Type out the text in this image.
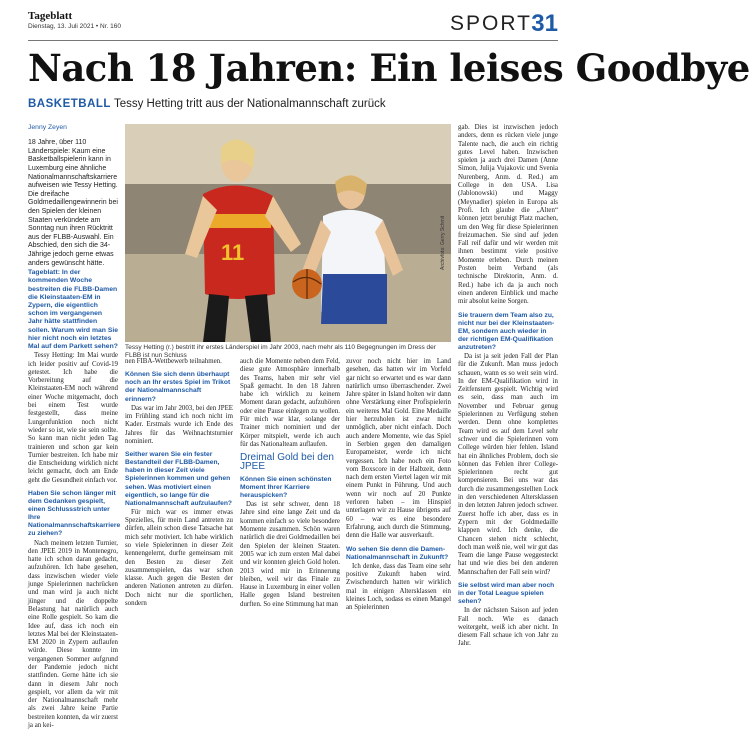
Tageblatt
Dienstag, 13. Juli 2021 • Nr. 160	SPORT 31
Nach 18 Jahren: Ein leises Goodbye
BASKETBALL Tessy Hetting tritt aus der Nationalmannschaft zurück
Jenny Zeyen

18 Jahre, über 110 Länderspiele: Kaum eine Basketballspielerin kann in Luxemburg eine ähnliche Nationalmannschaftskarriere aufweisen wie Tessy Hetting. Die dreifache Goldmedaillengewinnerin bei den Spielen der kleinen Staaten verkündete am Sonntag nun ihren Rücktritt aus der FLBB-Auswahl. Ein Abschied, den sich die 34-Jährige jedoch gerne etwas anders gewünscht hätte.

Tageblatt: In der kommenden Woche bestreiten die FLBB-Damen die Kleinstaaten-EM in Zypern, die eigentlich schon im vergangenen Jahr hätte stattfinden sollen. Warum wird man Sie hier nicht noch ein letztes Mal auf dem Parkett sehen?

Tessy Hetting: Im Mai wurde ich leider positiv auf Covid-19 getestet. Ich habe die Vorbereitung auf die Kleinstaaten-EM noch während einer Woche mitgemacht, doch bei einem Test wurde festgestellt, dass meine Lungenfunktion noch nicht wieder so ist, wie sie sein sollte. So kann man nicht jeden Tag trainieren und schon gar kein Turnier bestreiten. Ich habe mir die Entscheidung wirklich nicht leicht gemacht, doch am Ende geht die Gesundheit einfach vor.

Haben Sie schon länger mit dem Gedanken gespielt, einen Schlussstrich unter Ihre Nationalmannschaftskarriere zu ziehen?

Nach meinem letzten Turnier, den JPEE 2019 in Montenegro, hatte ich schon daran gedacht, aufzuhören. Ich habe gesehen, dass inzwischen wieder viele junge Spielerinnen nachrücken und man wird ja auch nicht jünger und die doppelte Belastung hat natürlich auch eine Rolle gespielt. So kam die Idee auf, dass ich noch ein letztes Mal bei der Kleinstaaten-EM 2020 in Zypern auflaufen würde. Diese konnte im vergangenen Sommer aufgrund der Pandemie jedoch nicht stattfinden. Gerne hätte ich sie dann in diesem Jahr noch gespielt, vor allem da wir mit der Nationalmannschaft mehr als zwei Jahre keine Partie bestreiten konnten, da wir zuerst ja an kei-

11	Archivfoto: Gerry Schmit
Tessy Hetting (r.) bestritt ihr erstes Länderspiel im Jahr 2003, nach mehr als 110 Begegnungen im Dress der FLBB ist nun Schluss

nen FIBA-Wettbewerb teilnahmen.

Können Sie sich denn überhaupt noch an Ihr erstes Spiel im Trikot der Nationalmannschaft erinnern?

Das war im Jahr 2003, bei den JPEE im Frühling stand ich noch nicht im Kader. Erstmals wurde ich Ende des Jahres für das Weihnachtsturnier nominiert.

Seither waren Sie ein fester Bestandteil der FLBB-Damen, haben in dieser Zeit viele Spielerinnen kommen und gehen sehen. Was motiviert einen eigentlich, so lange für die Nationalmannschaft aufzulaufen?

Für mich war es immer etwas Spezielles, für mein Land antreten zu dürfen, allein schon diese Tatsache hat mich sehr motiviert. Ich habe wirklich so viele Spielerinnen in dieser Zeit kennengelernt, durfte gemeinsam mit den Besten zu dieser Zeit zusammenspielen, das war schon klasse. Auch gegen die Besten der anderen Nationen antreten zu dürfen. Doch nicht nur die sportlichen, sondern

auch die Momente neben dem Feld, diese gute Atmosphäre innerhalb des Teams, haben mir sehr viel Spaß gemacht. In den 18 Jahren habe ich wirklich zu keinem Moment daran gedacht, aufzuhören oder eine Pause einlegen zu wollen. Für mich war klar, solange der Trainer mich nominiert und der Körper mitspielt, werde ich auch für das Nationalteam auflaufen.

Dreimal Gold bei den JPEE

Können Sie einen schönsten Moment Ihrer Karriere herauspicken?

Das ist sehr schwer, denn 18 Jahre sind eine lange Zeit und da kommen einfach so viele besondere Momente zusammen. Schön waren natürlich die drei Goldmedaillen bei den Spielen der kleinen Staaten. 2005 war ich zum ersten Mal dabei und wir konnten gleich Gold holen. 2013 wird mir in Erinnerung bleiben, weil wir das Finale zu Hause in Luxemburg in einer vollen Halle gegen Island bestreiten durften. So eine Stimmung hat man

zuvor noch nicht hier im Land gesehen, das hatten wir im Vorfeld gar nicht so erwartet und es war dann natürlich umso überraschender. Zwei Jahre später in Island holten wir dann ohne Verstärkung einer Profispielerin ein weiteres Mal Gold. Eine Medaille hier herzuholen ist zwar nicht unmöglich, aber nicht einfach. Doch auch andere Momente, wie das Spiel in Serbien gegen den damaligen Europameister, werde ich nicht vergessen. Ich habe noch ein Foto vom Boxscore in der Halbzeit, denn nach dem ersten Viertel lagen wir mit einem Punkt in Führung. Und auch wenn wir noch auf 20 Punkte verloren haben – im Hinspiel unterlagen wir zu Hause übrigens auf 60 – war es eine besondere Erfahrung, auch durch die Stimmung, denn die Halle war ausverkauft.

Wo sehen Sie denn die Damen-Nationalmannschaft in Zukunft?

Ich denke, dass das Team eine sehr positive Zukunft haben wird. Zwischendurch hatten wir wirklich mal in einigen Altersklassen ein kleines Loch, sodass es einen Mangel an Spielerinnen

gab. Dies ist inzwischen jedoch anders, denn es rücken viele junge Talente nach, die auch ein richtig gutes Level haben. Inzwischen spielen ja auch drei Damen (Anne Simon, Julija Vujakovic und Svenia Nurenberg, Anm. d. Red.) am College in den USA. Lisa (Jablonowski) und Maggy (Meynadier) spielen in Europa als Profi. Ich glaube die „Alten“ können jetzt beruhigt Platz machen, um den Weg für diese Spielerinnen freizumachen. Sie sind auf jeden Fall reif dafür und wir werden mit ihnen bestimmt viele positive Momente erleben. Durch meinen Posten beim Verband (als technische Direktorin, Anm. d. Red.) habe ich da ja auch noch einen anderen Einblick und mache mir absolut keine Sorgen.

Sie trauern dem Team also zu, nicht nur bei der Kleinstaaten-EM, sondern auch wieder in der richtigen EM-Qualifikation anzutreten?

Da ist ja seit jeden Fall der Plan für die Zukunft. Man muss jedoch schauen, wann es so weit sein wird. In der EM-Qualifikation wird in Zeitfenstern gespielt. Wichtig wird es sein, dass man auch im November und Februar genug Spielerinnen zu Verfügung stehen werden. Denn ohne komplettes Team wird es auf dem Level sehr schwer und die Spielerinnen vom College würden hier fehlen. Island hat ein ähnliches Problem, doch sie können das Fehlen ihrer College-Spielerinnen recht gut kompensieren. Bei uns war das durch die zusammengestellten Lock in den verschiedenen Altersklassen in den letzten Jahren jedoch schwer. Zuerst hoffe ich aber, dass es in Zypern mit der Goldmedaille klappen wird. Ich denke, die Chancen stehen nicht schlecht, doch man weiß nie, weil wir gut das Team die lange Pause weggesteckt hat und wie dies bei den anderen Mannschaften der Fall sein wird?

Sie selbst wird man aber noch in der Total League spielen sehen?

In der nächsten Saison auf jeden Fall noch. Wie es danach weitergeht, weiß ich aber nicht. In diesem Fall schaue ich von Jahr zu Jahr.
